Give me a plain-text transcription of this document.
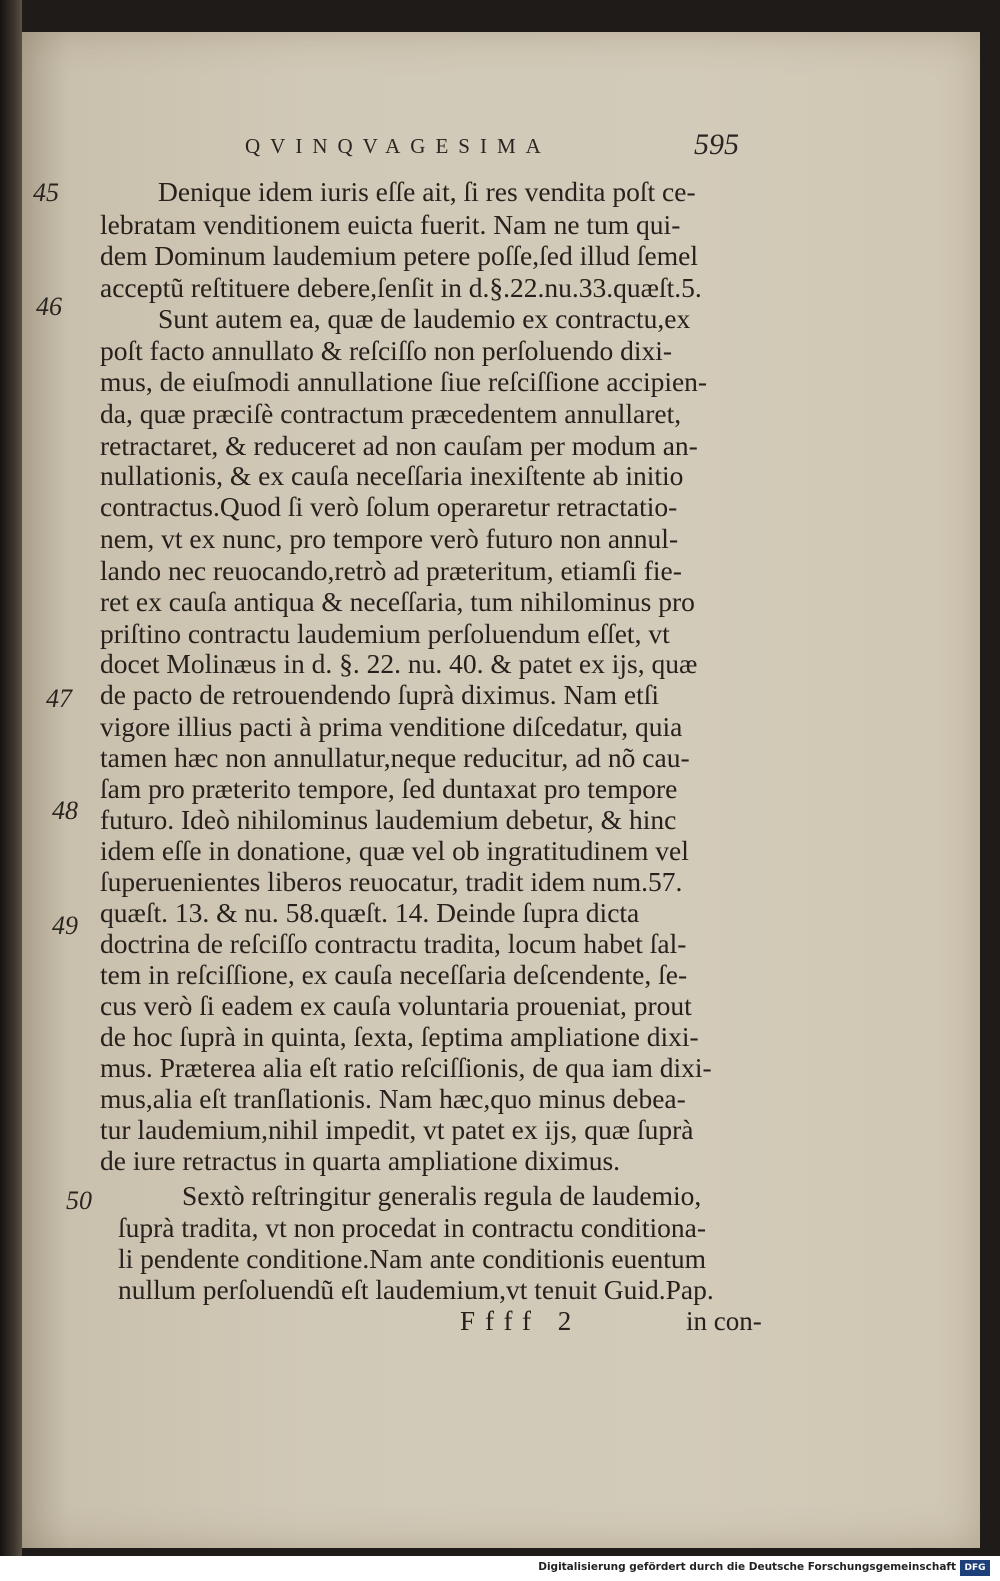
QVINQVAGESIMA	595
45
46
47
48
49
50
Denique idem iuris eſſe ait, ſi res vendita poſt ce-
lebratam venditionem euicta fuerit. Nam ne tum qui-
dem Dominum laudemium petere poſſe,ſed illud ſemel
acceptũ reſtituere debere,ſenſit in d.§.22.nu.33.quæſt.5.
Sunt autem ea, quæ de laudemio ex contractu,ex
poſt facto annullato & reſciſſo non perſoluendo dixi-
mus, de eiuſmodi annullatione ſiue reſciſſione accipien-
da, quæ præciſè contractum præcedentem annullaret,
retractaret, & reduceret ad non cauſam per modum an-
nullationis, & ex cauſa neceſſaria inexiſtente ab initio
contractus.Quod ſi verò ſolum operaretur retractatio-
nem, vt ex nunc, pro tempore verò futuro non annul-
lando nec reuocando,retrò ad præteritum, etiamſi fie-
ret ex cauſa antiqua & neceſſaria, tum nihilominus pro
priſtino contractu laudemium perſoluendum eſſet, vt
docet Molinæus in d. §. 22. nu. 40. & patet ex ijs, quæ
de pacto de retrouendendo ſuprà diximus. Nam etſi
vigore illius pacti à prima venditione diſcedatur, quia
tamen hæc non annullatur,neque reducitur, ad nõ cau-
ſam pro præterito tempore, ſed duntaxat pro tempore
futuro. Ideò nihilominus laudemium debetur, & hinc
idem eſſe in donatione, quæ vel ob ingratitudinem vel
ſuperuenientes liberos reuocatur, tradit idem num.57.
quæſt. 13. & nu. 58.quæſt. 14. Deinde ſupra dicta
doctrina de reſciſſo contractu tradita, locum habet ſal-
tem in reſciſſione, ex cauſa neceſſaria deſcendente, ſe-
cus verò ſi eadem ex cauſa voluntaria proueniat, prout
de hoc ſuprà in quinta, ſexta, ſeptima ampliatione dixi-
mus. Præterea alia eſt ratio reſciſſionis, de qua iam dixi-
mus,alia eſt tranſlationis. Nam hæc,quo minus debea-
tur laudemium,nihil impedit, vt patet ex ijs, quæ ſuprà
de iure retractus in quarta ampliatione diximus.
Sextò reſtringitur generalis regula de laudemio,
ſuprà tradita, vt non procedat in contractu conditiona-
li pendente conditione.Nam ante conditionis euentum
nullum perſoluendũ eſt laudemium,vt tenuit Guid.Pap.
Ffff 2	in con-
Digitalisierung gefördert durch die Deutsche Forschungsgemeinschaft DFG
